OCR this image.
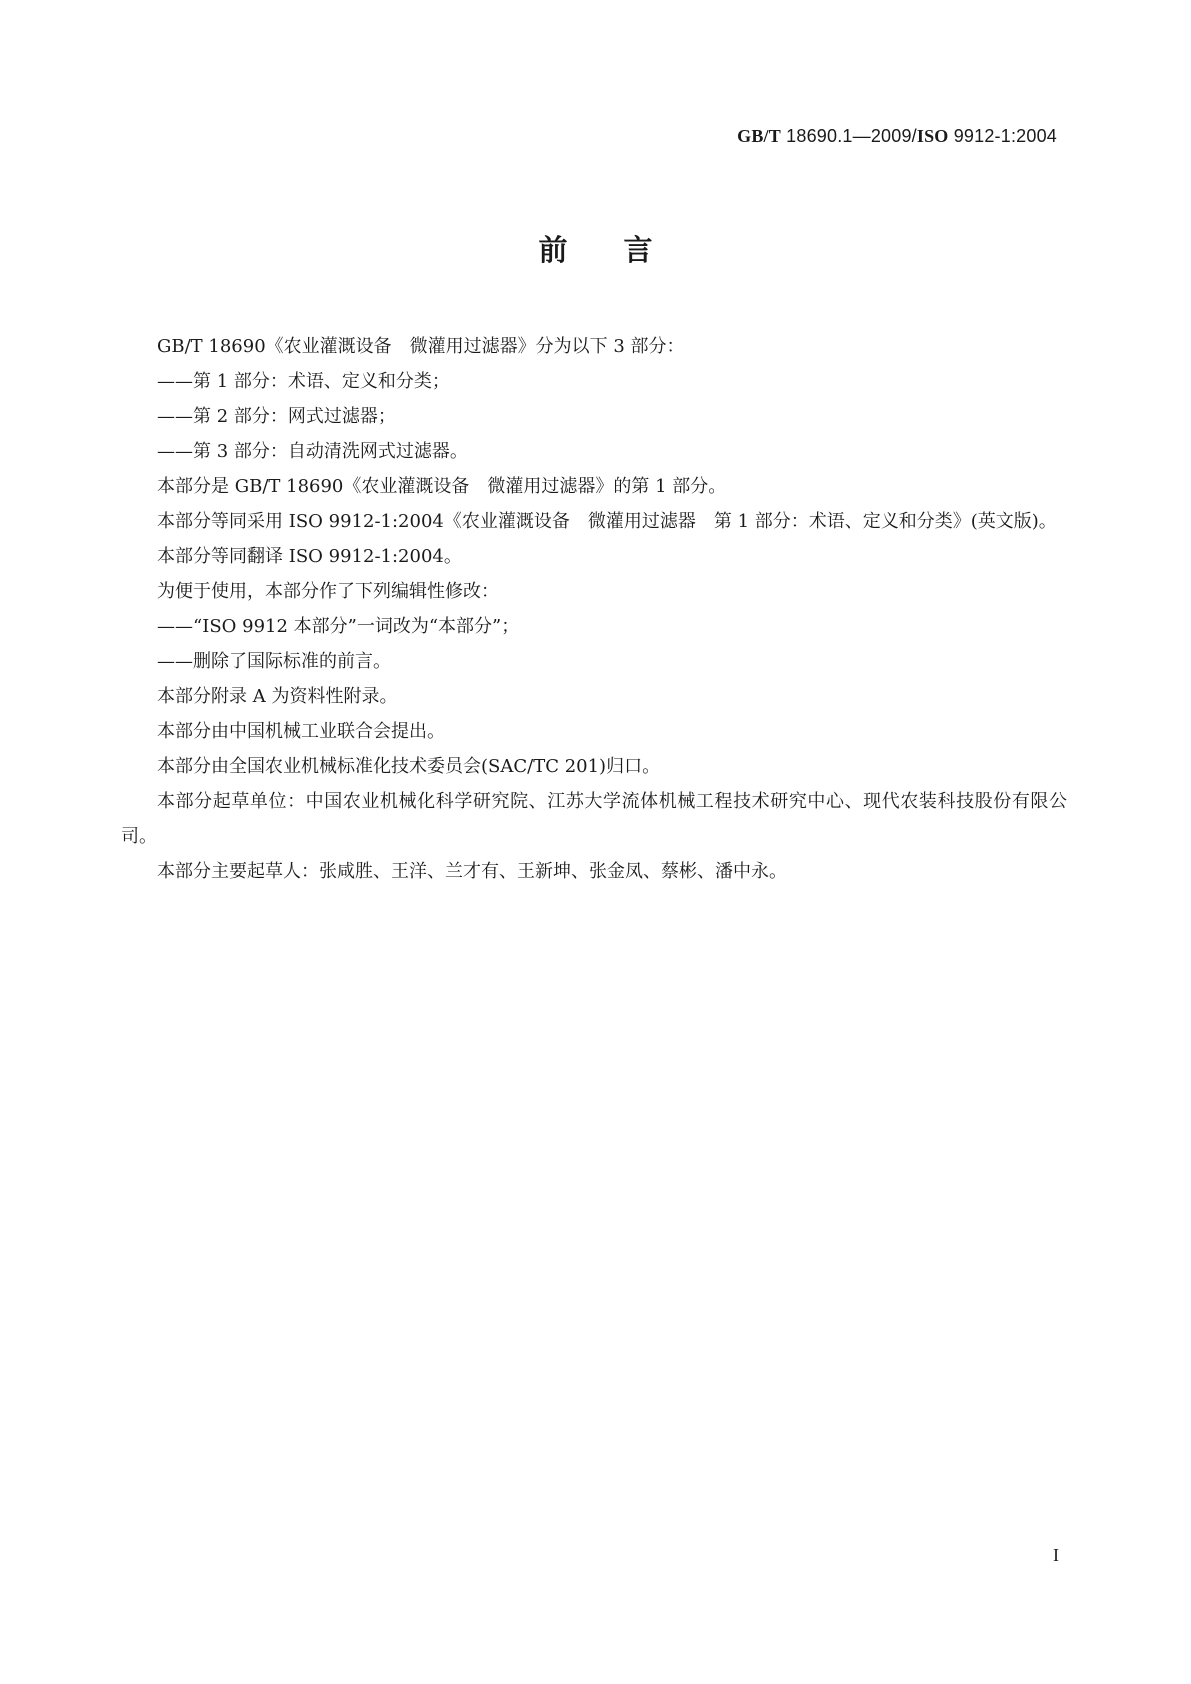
GB/T 18690.1—2009/ISO 9912-1:2004
前言

GB/T 18690《农业灌溉设备　微灌用过滤器》分为以下 3 部分：

——第 1 部分：术语、定义和分类；

——第 2 部分：网式过滤器；

——第 3 部分：自动清洗网式过滤器。

本部分是 GB/T 18690《农业灌溉设备　微灌用过滤器》的第 1 部分。

本部分等同采用 ISO 9912-1:2004《农业灌溉设备　微灌用过滤器　第 1 部分：术语、定义和分类》(英文版)。

本部分等同翻译 ISO 9912-1:2004。

为便于使用，本部分作了下列编辑性修改：

——“ISO 9912 本部分”一词改为“本部分”；

——删除了国际标准的前言。

本部分附录 A 为资料性附录。

本部分由中国机械工业联合会提出。

本部分由全国农业机械标准化技术委员会(SAC/TC 201)归口。

本部分起草单位：中国农业机械化科学研究院、江苏大学流体机械工程技术研究中心、现代农装科技股份有限公司。

本部分主要起草人：张咸胜、王洋、兰才有、王新坤、张金凤、蔡彬、潘中永。

I
